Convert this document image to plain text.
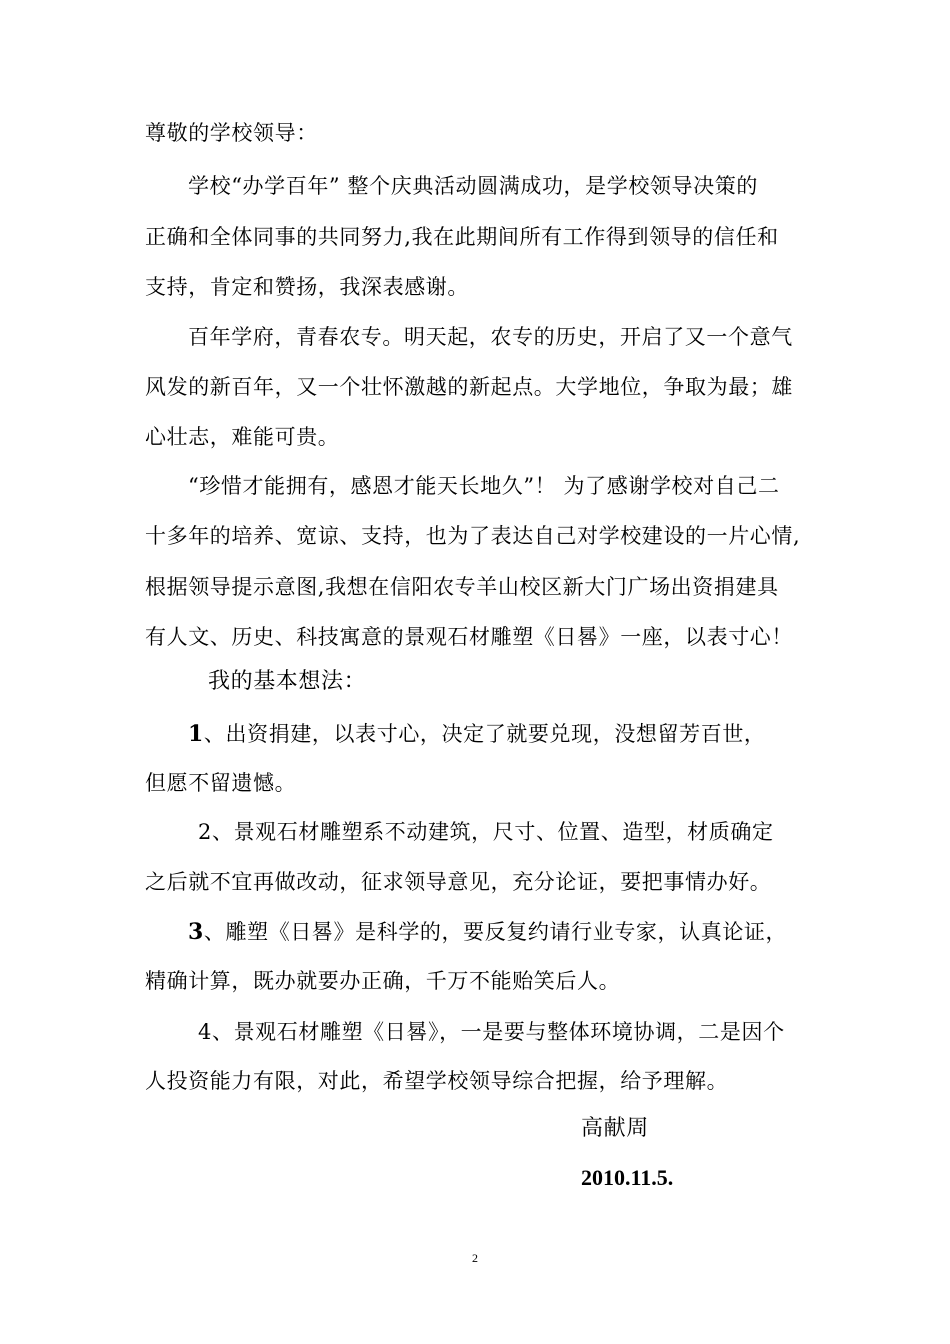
尊敬的学校领导：
学校“办学百年” 整个庆典活动圆满成功，是学校领导决策的
正确和全体同事的共同努力,我在此期间所有工作得到领导的信任和
支持，肯定和赞扬，我深表感谢。
百年学府，青春农专。明天起，农专的历史，开启了又一个意气
风发的新百年，又一个壮怀激越的新起点。大学地位，争取为最；雄
心壮志，难能可贵。
“珍惜才能拥有，感恩才能天长地久”！ 为了感谢学校对自己二
十多年的培养、宽谅、支持，也为了表达自己对学校建设的一片心情,
根据领导提示意图,我想在信阳农专羊山校区新大门广场出资捐建具
有人文、历史、科技寓意的景观石材雕塑《日晷》一座，以表寸心！
我的基本想法：
1、出资捐建，以表寸心，决定了就要兑现，没想留芳百世，
但愿不留遗憾。
2、景观石材雕塑系不动建筑，尺寸、位置、造型，材质确定
之后就不宜再做改动，征求领导意见，充分论证，要把事情办好。
3、雕塑《日晷》是科学的，要反复约请行业专家，认真论证，
精确计算，既办就要办正确，千万不能贻笑后人。
4、景观石材雕塑《日晷》，一是要与整体环境协调，二是因个
人投资能力有限，对此，希望学校领导综合把握，给予理解。
高献周
2010.11.5.
2
